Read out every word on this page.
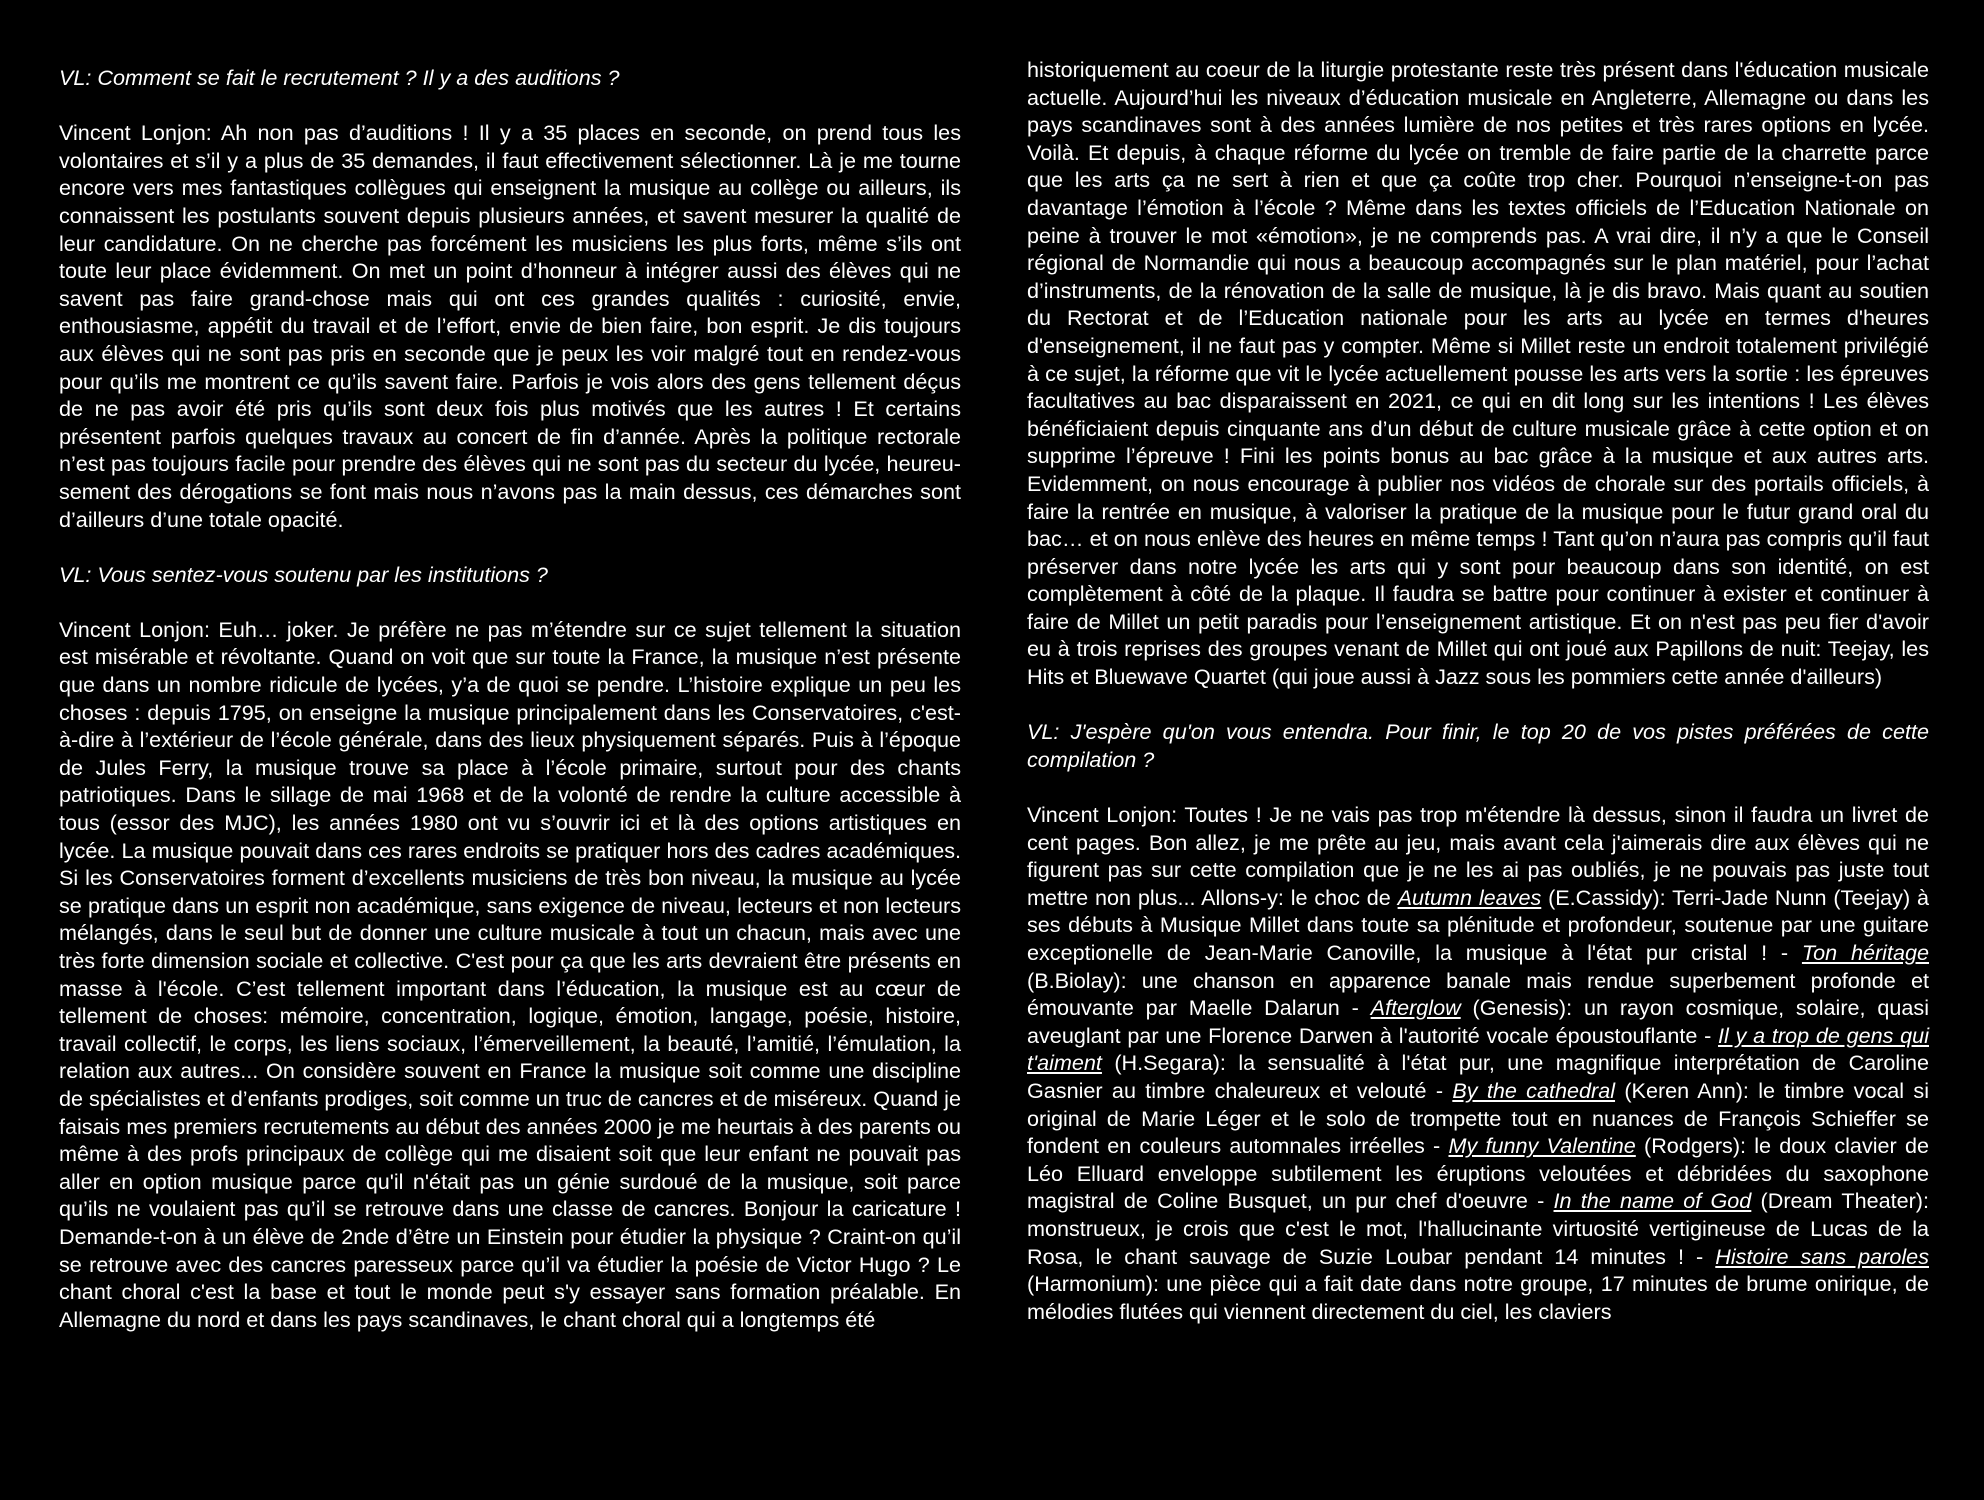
VL: Comment se fait le recrutement ? Il y a des auditions ?

Vincent Lonjon: Ah non pas d’auditions ! Il y a 35 places en seconde, on prend tous les volontaires et s’il y a plus de 35 demandes, il faut effectivement sélectionner. Là je me tourne encore vers mes fantastiques collègues qui enseignent la musique au collège ou ailleurs, ils connaissent les postulants souvent depuis plusieurs années, et savent mesurer la qualité de leur candidature. On ne cherche pas forcément les musiciens les plus forts, même s’ils ont toute leur place évidemment. On met un point d’honneur à intégrer aussi des élèves qui ne savent pas faire grand-chose mais qui ont ces grandes qualités : curiosité, envie, enthousiasme, appétit du travail et de l’effort, envie de bien faire, bon esprit. Je dis toujours aux élèves qui ne sont pas pris en seconde que je peux les voir malgré tout en rendez-vous pour qu’ils me montrent ce qu’ils savent faire. Parfois je vois alors des gens tellement déçus de ne pas avoir été pris qu’ils sont deux fois plus motivés que les autres ! Et certains présentent parfois quelques travaux au concert de fin d’année. Après la politique rectorale n’est pas toujours facile pour prendre des élèves qui ne sont pas du secteur du lycée, heureusement des dérogations se font mais nous n’avons pas la main dessus, ces démarches sont d’ailleurs d’une totale opacité.

VL: Vous sentez-vous soutenu par les institutions ?

Vincent Lonjon: Euh… joker. Je préfère ne pas m’étendre sur ce sujet tellement la situation est misérable et révoltante. Quand on voit que sur toute la France, la musique n’est présente que dans un nombre ridicule de lycées, y’a de quoi se pendre. L’histoire explique un peu les choses : depuis 1795, on enseigne la musique principalement dans les Conservatoires, c'est-à-dire à l’extérieur de l’école générale, dans des lieux physiquement séparés. Puis à l’époque de Jules Ferry, la musique trouve sa place à l’école primaire, surtout pour des chants patriotiques. Dans le sillage de mai 1968 et de la volonté de rendre la culture accessible à tous (essor des MJC), les années 1980 ont vu s’ouvrir ici et là des options artistiques en lycée. La musique pouvait dans ces rares endroits se pratiquer hors des cadres académiques. Si les Conservatoires forment d’excellents musiciens de très bon niveau, la musique au lycée se pratique dans un esprit non académique, sans exigence de niveau, lecteurs et non lecteurs mélangés, dans le seul but de donner une culture musicale à tout un chacun, mais avec une très forte dimension sociale et collective. C'est pour ça que les arts devraient être présents en masse à l'école. C’est tellement important dans l’éducation, la musique est au cœur de tellement de choses: mémoire, concentration, logique, émotion, langage, poésie, histoire, travail collectif, le corps, les liens sociaux, l’émerveillement, la beauté, l’amitié, l’émulation, la relation aux autres... On considère souvent en France la musique soit comme une discipline de spécialistes et d’enfants prodiges, soit comme un truc de cancres et de miséreux. Quand je faisais mes premiers recrutements au début des années 2000 je me heurtais à des parents ou même à des profs principaux de collège qui me disaient soit que leur enfant ne pouvait pas aller en option musique parce qu'il n'était pas un génie surdoué de la musique, soit parce qu’ils ne voulaient pas qu’il se retrouve dans une classe de cancres. Bonjour la caricature ! Demande-t-on à un élève de 2nde d’être un Einstein pour étudier la physique ? Craint-on qu’il se retrouve avec des cancres paresseux parce qu’il va étudier la poésie de Victor Hugo ? Le chant choral c'est la base et tout le monde peut s'y essayer sans formation préalable. En Allemagne du nord et dans les pays scandinaves, le chant choral qui a longtemps été

historiquement au coeur de la liturgie protestante reste très présent dans l'éducation musicale actuelle. Aujourd’hui les niveaux d’éducation musicale en Angleterre, Allemagne ou dans les pays scandinaves sont à des années lumière de nos petites et très rares options en lycée. Voilà. Et depuis, à chaque réforme du lycée on tremble de faire partie de la charrette parce que les arts ça ne sert à rien et que ça coûte trop cher. Pourquoi n’enseigne-t-on pas davantage l’émotion à l’école ? Même dans les textes officiels de l’Education Nationale on peine à trouver le mot «émotion», je ne comprends pas. A vrai dire, il n’y a que le Conseil régional de Normandie qui nous a beaucoup accompagnés sur le plan matériel, pour l’achat d’instruments, de la rénovation de la salle de musique, là je dis bravo. Mais quant au soutien du Rectorat et de l’Education nationale pour les arts au lycée en termes d'heures d'enseignement, il ne faut pas y compter. Même si Millet reste un endroit totalement privilégié à ce sujet, la réforme que vit le lycée actuellement pousse les arts vers la sortie : les épreuves facultatives au bac disparaissent en 2021, ce qui en dit long sur les intentions ! Les élèves bénéficiaient depuis cinquante ans d’un début de culture musicale grâce à cette option et on supprime l’épreuve ! Fini les points bonus au bac grâce à la musique et aux autres arts. Evidemment, on nous encourage à publier nos vidéos de chorale sur des portails officiels, à faire la rentrée en musique, à valoriser la pratique de la musique pour le futur grand oral du bac… et on nous enlève des heures en même temps ! Tant qu’on n’aura pas compris qu’il faut préserver dans notre lycée les arts qui y sont pour beaucoup dans son identité, on est complètement à côté de la plaque. Il faudra se battre pour continuer à exister et continuer à faire de Millet un petit paradis pour l’enseignement artistique. Et on n'est pas peu fier d'avoir eu à trois reprises des groupes venant de Millet qui ont joué aux Papillons de nuit: Teejay, les Hits et Bluewave Quartet (qui joue aussi à Jazz sous les pommiers cette année d'ailleurs)

VL: J'espère qu'on vous entendra. Pour finir, le top 20 de vos pistes préférées de cette compilation ?

Vincent Lonjon: Toutes ! Je ne vais pas trop m'étendre là dessus, sinon il faudra un livret de cent pages. Bon allez, je me prête au jeu, mais avant cela j'aimerais dire aux élèves qui ne figurent pas sur cette compilation que je ne les ai pas oubliés, je ne pouvais pas juste tout mettre non plus... Allons-y: le choc de Autumn leaves (E.Cassidy): Terri-Jade Nunn (Teejay) à ses débuts à Musique Millet dans toute sa plénitude et profondeur, soutenue par une guitare exceptionelle de Jean-Marie Canoville, la musique à l'état pur cristal ! - Ton héritage (B.Biolay): une chanson en apparence banale mais rendue superbement profonde et émouvante par Maelle Dalarun - Afterglow (Genesis): un rayon cosmique, solaire, quasi aveuglant par une Florence Darwen à l'autorité vocale époustouflante - Il y a trop de gens qui t'aiment (H.Segara): la sensualité à l'état pur, une magnifique interprétation de Caroline Gasnier au timbre chaleureux et velouté - By the cathedral (Keren Ann): le timbre vocal si original de Marie Léger et le solo de trompette tout en nuances de François Schieffer se fondent en couleurs automnales irréelles - My funny Valentine (Rodgers): le doux clavier de Léo Elluard enveloppe subtilement les éruptions veloutées et débridées du saxophone magistral de Coline Busquet, un pur chef d'oeuvre - In the name of God (Dream Theater): monstrueux, je crois que c'est le mot, l'hallucinante virtuosité vertigineuse de Lucas de la Rosa, le chant sauvage de Suzie Loubar pendant 14 minutes ! - Histoire sans paroles (Harmonium): une pièce qui a fait date dans notre groupe, 17 minutes de brume onirique, de mélodies flutées qui viennent directement du ciel, les claviers
